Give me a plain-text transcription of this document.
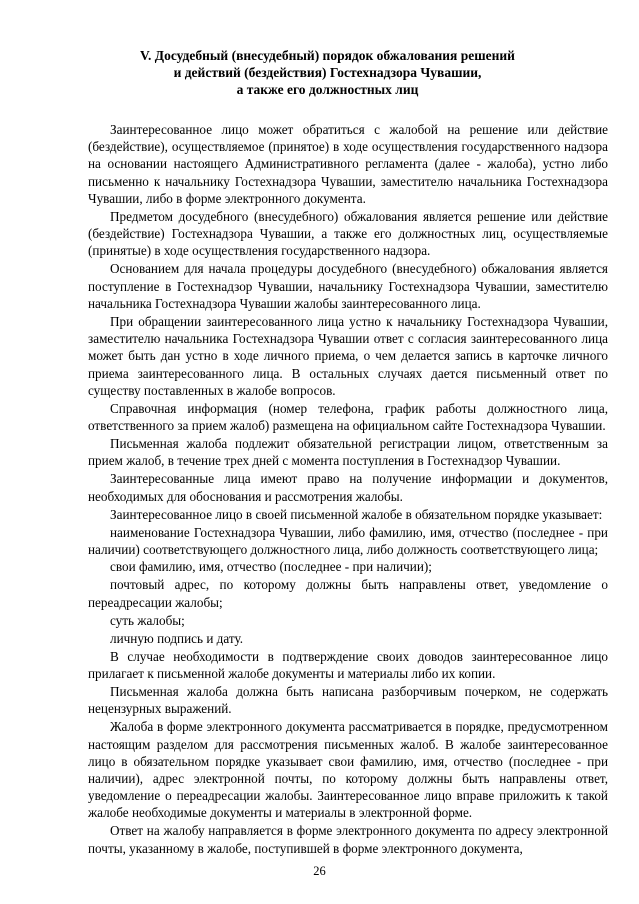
V. Досудебный (внесудебный) порядок обжалования решений
и действий (бездействия) Гостехнадзора Чувашии,
а также его должностных лиц

Заинтересованное лицо может обратиться с жалобой на решение или действие (бездействие), осуществляемое (принятое) в ходе осуществления государственного надзора на основании настоящего Административного регламента (далее - жалоба), устно либо письменно к начальнику Гостехнадзора Чувашии, заместителю начальника Гостехнадзора Чувашии, либо в форме электронного документа.

Предметом досудебного (внесудебного) обжалования является решение или действие (бездействие) Гостехнадзора Чувашии, а также его должностных лиц, осуществляемые (принятые) в ходе осуществления государственного надзора.

Основанием для начала процедуры досудебного (внесудебного) обжалования является поступление в Гостехнадзор Чувашии, начальнику Гостехнадзора Чувашии, заместителю начальника Гостехнадзора Чувашии жалобы заинтересованного лица.

При обращении заинтересованного лица устно к начальнику Гостехнадзора Чувашии, заместителю начальника Гостехнадзора Чувашии ответ с согласия заинтересованного лица может быть дан устно в ходе личного приема, о чем делается запись в карточке личного приема заинтересованного лица. В остальных случаях дается письменный ответ по существу поставленных в жалобе вопросов.

Справочная информация (номер телефона, график работы должностного лица, ответственного за прием жалоб) размещена на официальном сайте Гостехнадзора Чувашии.

Письменная жалоба подлежит обязательной регистрации лицом, ответственным за прием жалоб, в течение трех дней с момента поступления в Гостехнадзор Чувашии.

Заинтересованные лица имеют право на получение информации и документов, необходимых для обоснования и рассмотрения жалобы.

Заинтересованное лицо в своей письменной жалобе в обязательном порядке указывает:

наименование Гостехнадзора Чувашии, либо фамилию, имя, отчество (последнее - при наличии) соответствующего должностного лица, либо должность соответствующего лица;

свои фамилию, имя, отчество (последнее - при наличии);

почтовый адрес, по которому должны быть направлены ответ, уведомление о переадресации жалобы;

суть жалобы;

личную подпись и дату.

В случае необходимости в подтверждение своих доводов заинтересованное лицо прилагает к письменной жалобе документы и материалы либо их копии.

Письменная жалоба должна быть написана разборчивым почерком, не содержать нецензурных выражений.

Жалоба в форме электронного документа рассматривается в порядке, предусмотренном настоящим разделом для рассмотрения письменных жалоб. В жалобе заинтересованное лицо в обязательном порядке указывает свои фамилию, имя, отчество (последнее - при наличии), адрес электронной почты, по которому должны быть направлены ответ, уведомление о переадресации жалобы. Заинтересованное лицо вправе приложить к такой жалобе необходимые документы и материалы в электронной форме.

Ответ на жалобу направляется в форме электронного документа по адресу электронной почты, указанному в жалобе, поступившей в форме электронного документа,

26
